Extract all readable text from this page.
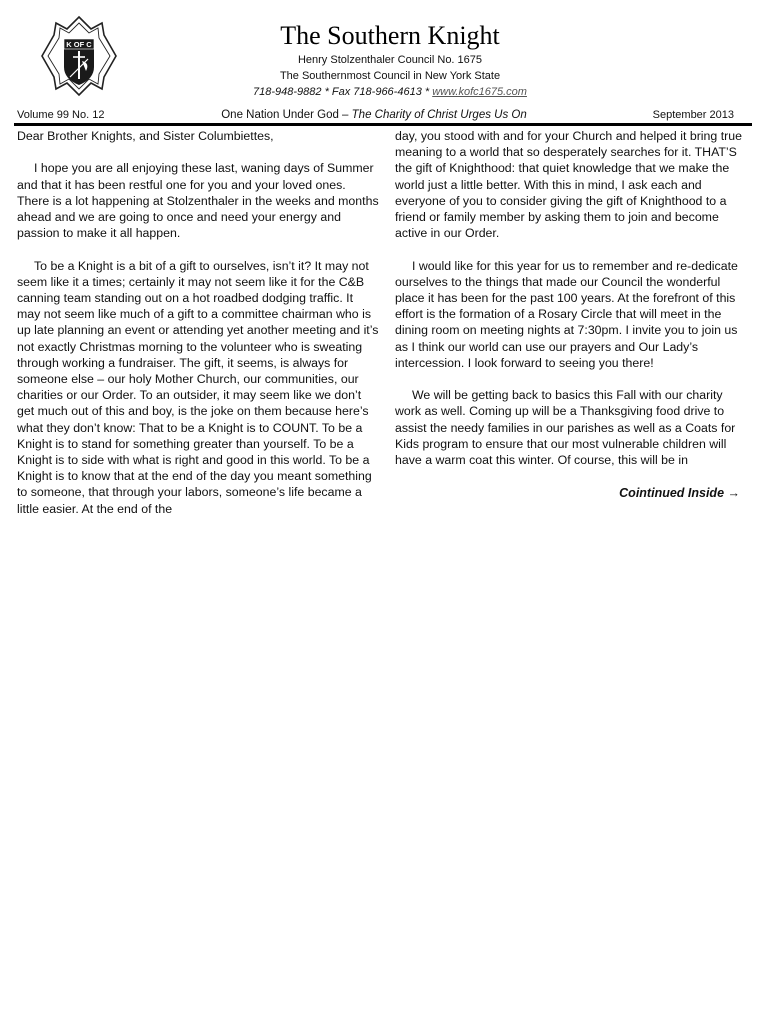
K OF C	The Southern Knight
Henry Stolzenthaler Council No. 1675
The Southernmost Council in New York State
718-948-9882 * Fax 718-966-4613 * www.kofc1675.com
One Nation Under God – The Charity of Christ Urges Us On
Volume 99 No. 12	September 2013

Dear Brother Knights, and Sister Columbiettes,

I hope you are all enjoying these last, waning days of Summer and that it has been restful one for you and your loved ones. There is a lot happening at Stolzenthaler in the weeks and months ahead and we are going to once and need your energy and passion to make it all happen.

To be a Knight is a bit of a gift to ourselves, isn’t it? It may not seem like it a times; certainly it may not seem like it for the C&B canning team standing out on a hot roadbed dodging traffic. It may not seem like much of a gift to a committee chairman who is up late planning an event or attending yet another meeting and it’s not exactly Christmas morning to the volunteer who is sweating through working a fundraiser. The gift, it seems, is always for someone else – our holy Mother Church, our communities, our charities or our Order. To an outsider, it may seem like we don’t get much out of this and boy, is the joke on them because here’s what they don’t know: That to be a Knight is to COUNT. To be a Knight is to stand for something greater than yourself. To be a Knight is to side with what is right and good in this world. To be a Knight is to know that at the end of the day you meant something to someone, that through your labors, someone’s life became a little easier. At the end of the

day, you stood with and for your Church and helped it bring true meaning to a world that so desperately searches for it. THAT’S the gift of Knighthood: that quiet knowledge that we make the world just a little better. With this in mind, I ask each and everyone of you to consider giving the gift of Knighthood to a friend or family member by asking them to join and become active in our Order.

I would like for this year for us to remember and re-dedicate ourselves to the things that made our Council the wonderful place it has been for the past 100 years. At the forefront of this effort is the formation of a Rosary Circle that will meet in the dining room on meeting nights at 7:30pm. I invite you to join us as I think our world can use our prayers and Our Lady’s intercession. I look forward to seeing you there!

We will be getting back to basics this Fall with our charity work as well. Coming up will be a Thanksgiving food drive to assist the needy families in our parishes as well as a Coats for Kids program to ensure that our most vulnerable children will have a warm coat this winter. Of course, this will be in

Cointinued Inside →
